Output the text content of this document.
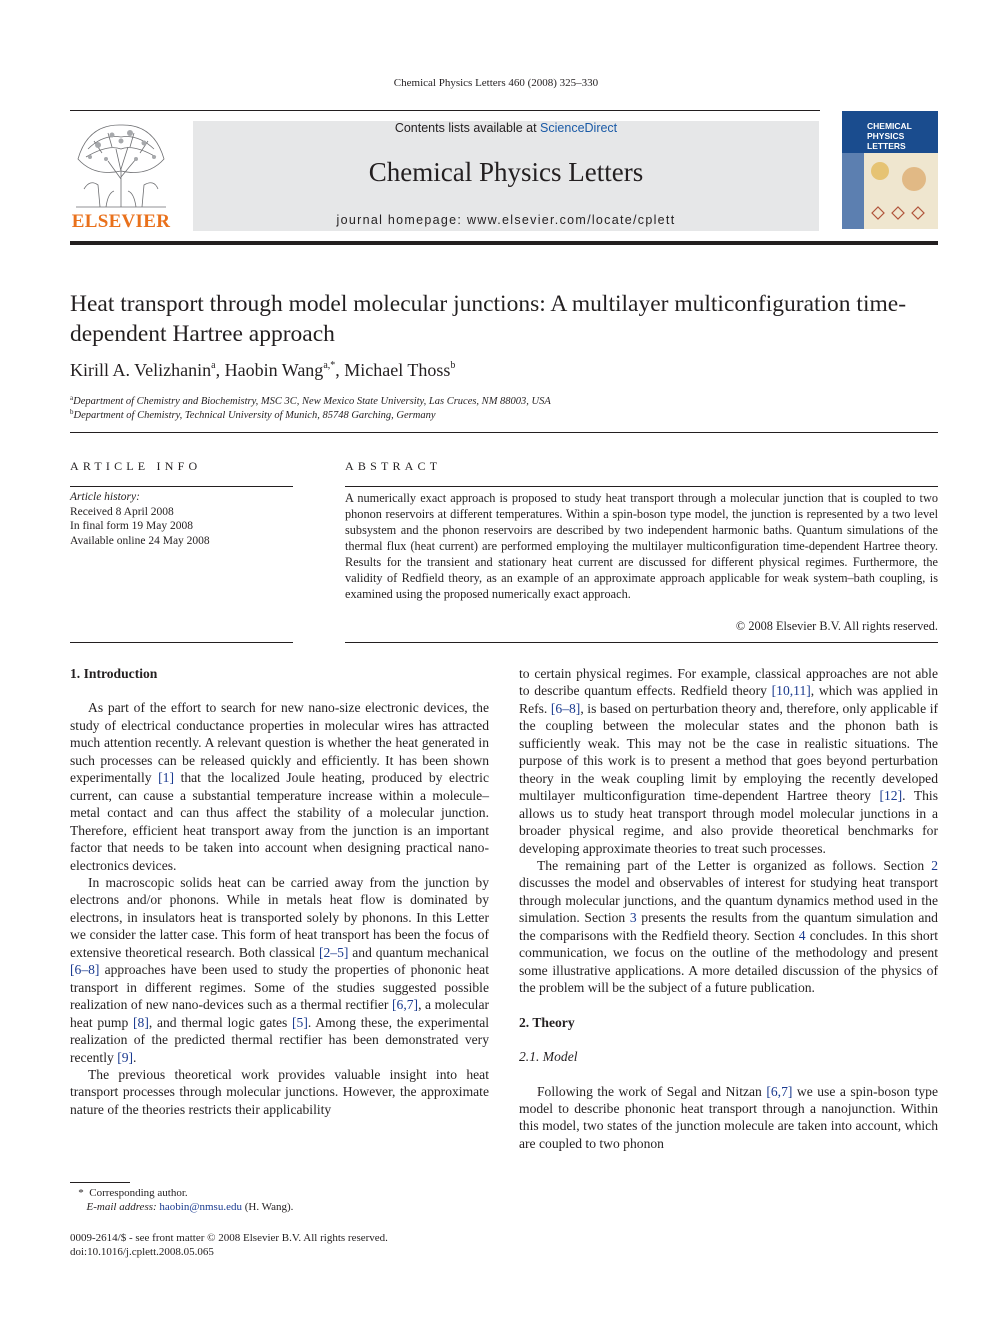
Chemical Physics Letters 460 (2008) 325–330
ELSEVIER
Contents lists available at ScienceDirect
Chemical Physics Letters
journal homepage: www.elsevier.com/locate/cplett
CHEMICAL
PHYSICS
LETTERS
Heat transport through model molecular junctions: A multilayer multiconfiguration time-dependent Hartree approach
Kirill A. Velizhanin$^a$, Haobin Wang$^{a,*}$, Michael Thoss$^b$
$^a$Department of Chemistry and Biochemistry, MSC 3C, New Mexico State University, Las Cruces, NM 88003, USA
$^b$Department of Chemistry, Technical University of Munich, 85748 Garching, Germany
ARTICLE INFO	ABSTRACT
Article history:
Received 8 April 2008
In final form 19 May 2008
Available online 24 May 2008
A numerically exact approach is proposed to study heat transport through a molecular junction that is coupled to two phonon reservoirs at different temperatures. Within a spin-boson type model, the junction is represented by a two level subsystem and the phonon reservoirs are described by two independent harmonic baths. Quantum simulations of the thermal flux (heat current) are performed employing the multilayer multiconfiguration time-dependent Hartree theory. Results for the transient and stationary heat current are discussed for different physical regimes. Furthermore, the validity of Redfield theory, as an example of an approximate approach applicable for weak system–bath coupling, is examined using the proposed numerically exact approach.
© 2008 Elsevier B.V. All rights reserved.
1. Introduction

As part of the effort to search for new nano-size electronic devices, the study of electrical conductance properties in molecular wires has attracted much attention recently. A relevant question is whether the heat generated in such processes can be released quickly and efficiently. It has been shown experimentally [1] that the localized Joule heating, produced by electric current, can cause a substantial temperature increase within a molecule–metal contact and can thus affect the stability of a molecular junction. Therefore, efficient heat transport away from the junction is an important factor that needs to be taken into account when designing practical nano-electronics devices.

In macroscopic solids heat can be carried away from the junction by electrons and/or phonons. While in metals heat flow is dominated by electrons, in insulators heat is transported solely by phonons. In this Letter we consider the latter case. This form of heat transport has been the focus of extensive theoretical research. Both classical [2–5] and quantum mechanical [6–8] approaches have been used to study the properties of phononic heat transport in different regimes. Some of the studies suggested possible realization of new nano-devices such as a thermal rectifier [6,7], a molecular heat pump [8], and thermal logic gates [5]. Among these, the experimental realization of the predicted thermal rectifier has been demonstrated very recently [9].

The previous theoretical work provides valuable insight into heat transport processes through molecular junctions. However, the approximate nature of the theories restricts their applicability

to certain physical regimes. For example, classical approaches are not able to describe quantum effects. Redfield theory [10,11], which was applied in Refs. [6–8], is based on perturbation theory and, therefore, only applicable if the coupling between the molecular states and the phonon bath is sufficiently weak. This may not be the case in realistic situations. The purpose of this work is to present a method that goes beyond perturbation theory in the weak coupling limit by employing the recently developed multilayer multiconfiguration time-dependent Hartree theory [12]. This allows us to study heat transport through model molecular junctions in a broader physical regime, and also provide theoretical benchmarks for developing approximate theories to treat such processes.

The remaining part of the Letter is organized as follows. Section 2 discusses the model and observables of interest for studying heat transport through molecular junctions, and the quantum dynamics method used in the simulation. Section 3 presents the results from the quantum simulation and the comparisons with the Redfield theory. Section 4 concludes. In this short communication, we focus on the outline of the methodology and present some illustrative applications. A more detailed discussion of the physics of the problem will be the subject of a future publication.

2. Theory
2.1. Model

Following the work of Segal and Nitzan [6,7] we use a spin-boson type model to describe phononic heat transport through a nanojunction. Within this model, two states of the junction molecule are taken into account, which are coupled to two phonon

* Corresponding author.
E-mail address: haobin@nmsu.edu (H. Wang).
0009-2614/$ - see front matter © 2008 Elsevier B.V. All rights reserved.
doi:10.1016/j.cplett.2008.05.065
